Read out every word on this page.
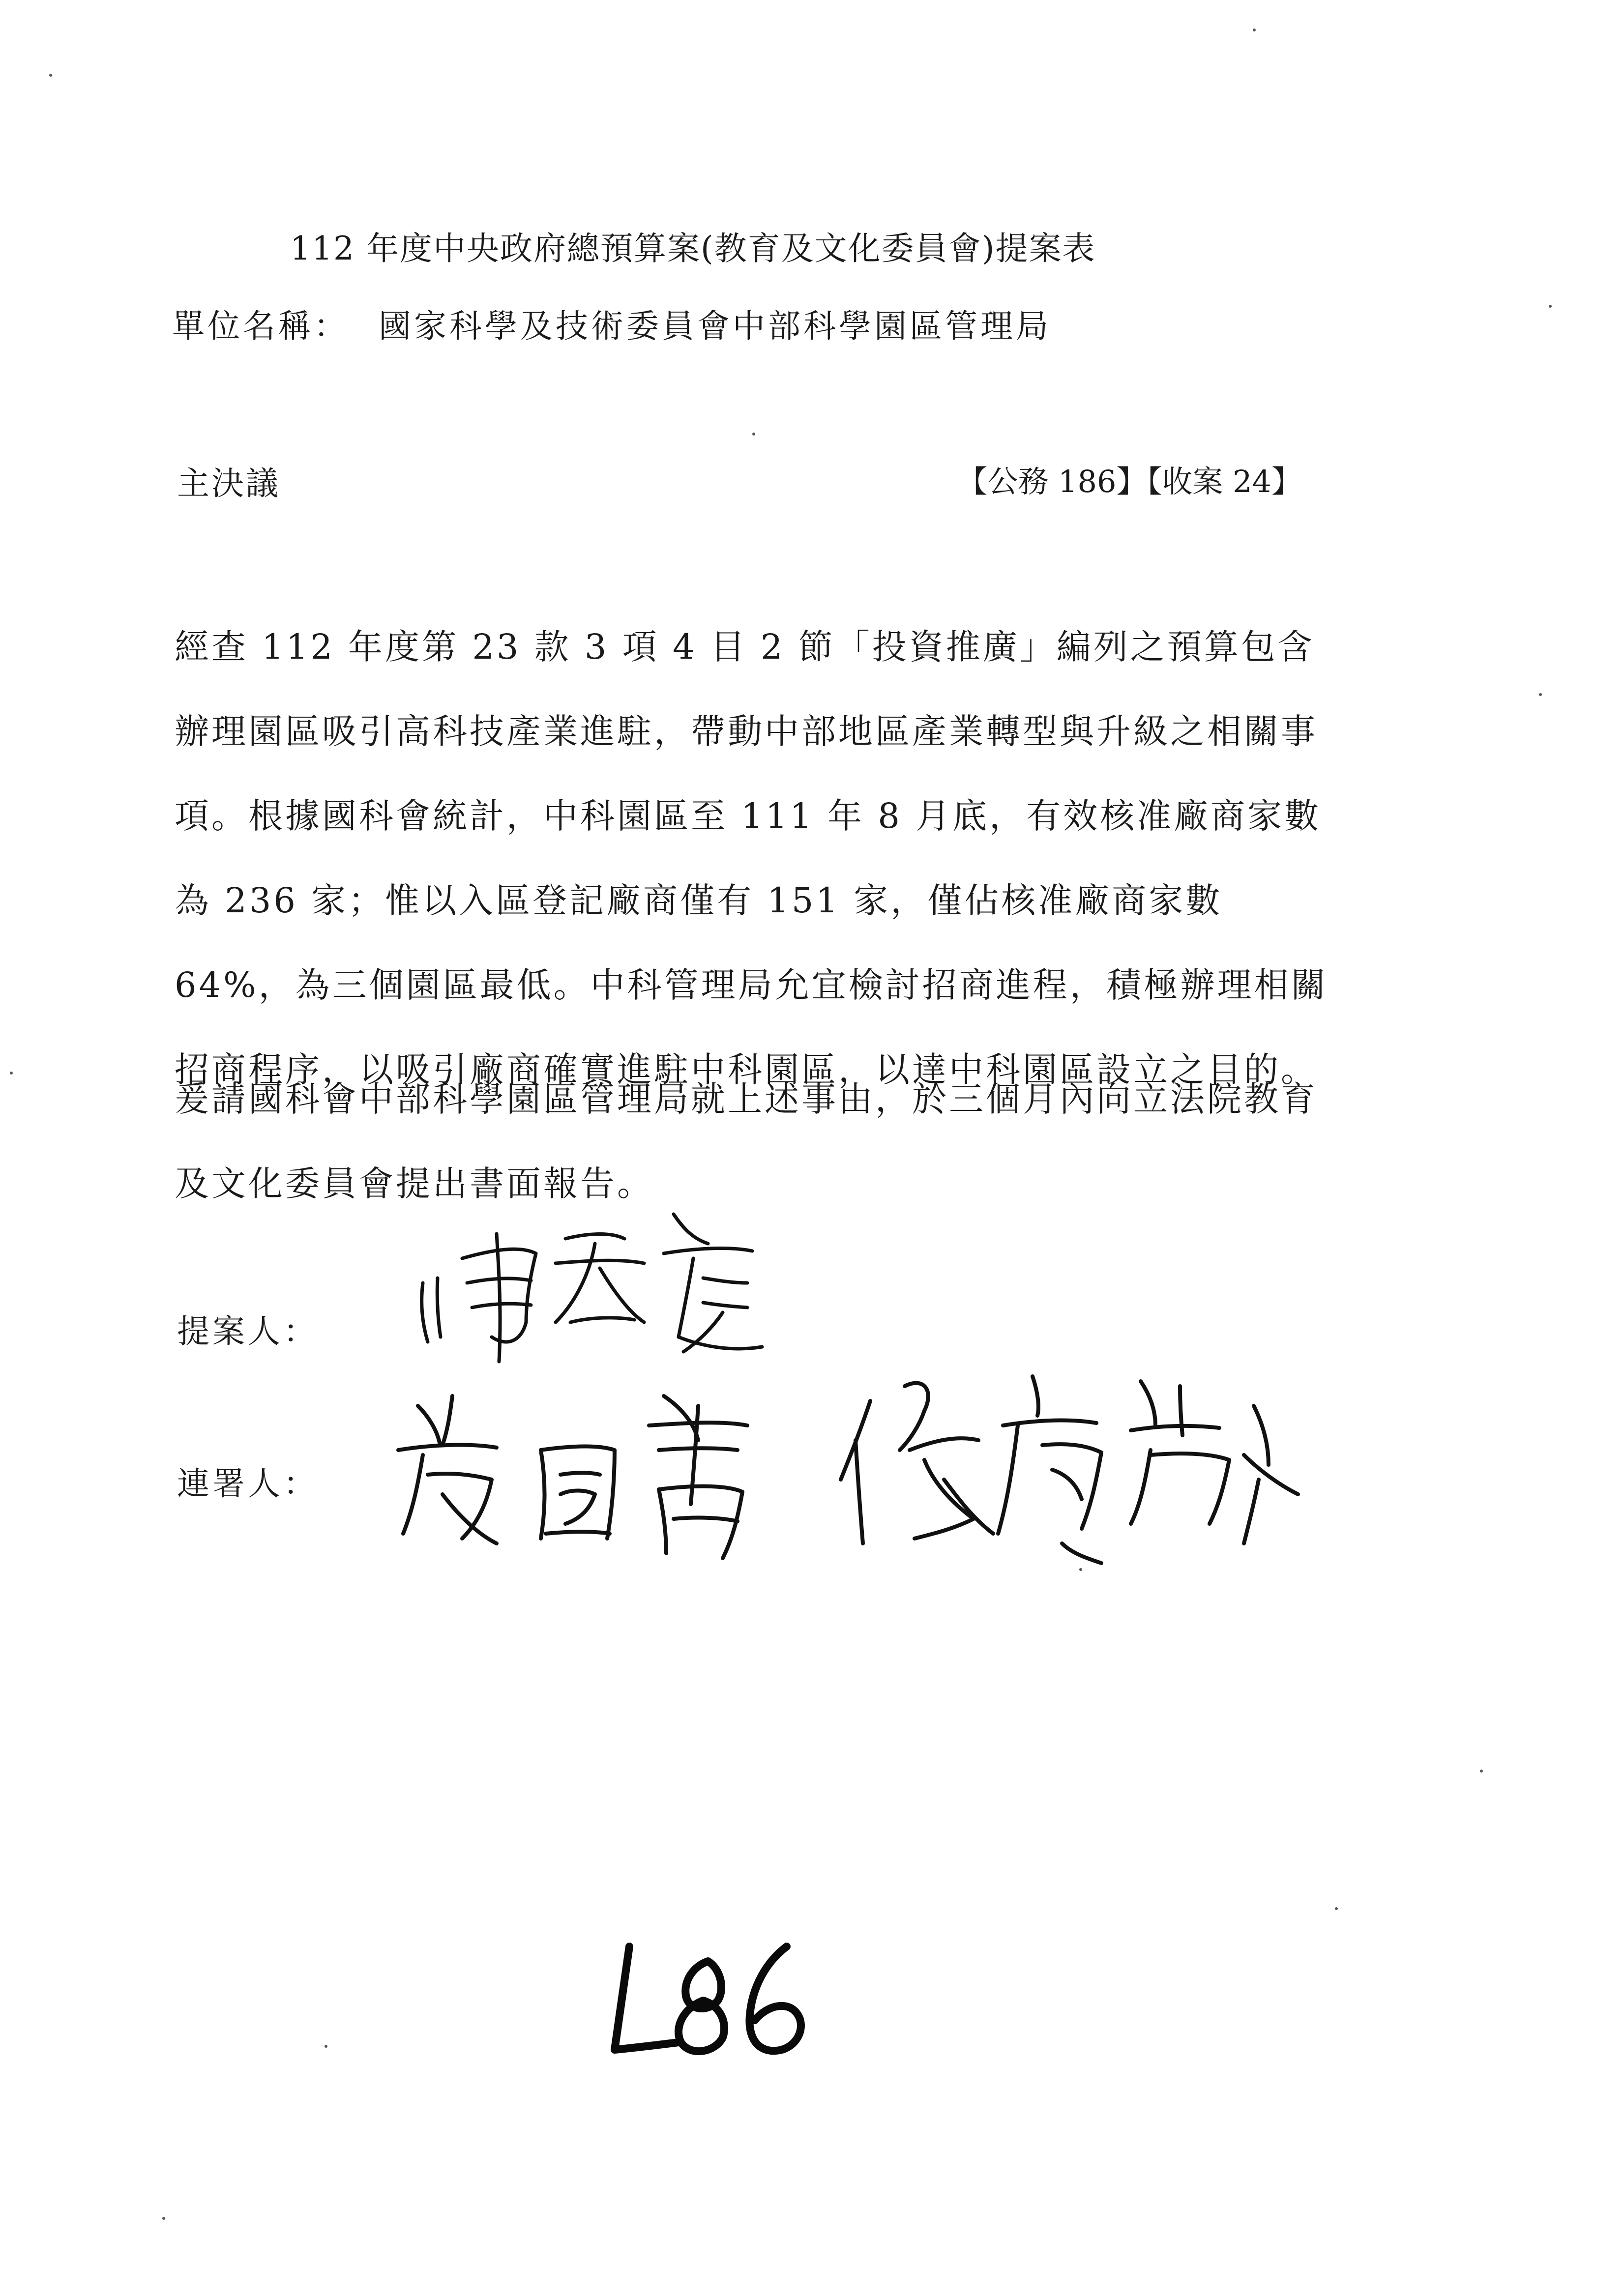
112 年度中央政府總預算案(教育及文化委員會)提案表
單位名稱： 國家科學及技術委員會中部科學園區管理局
主決議	【公務 186】【收案 24】

經查 112 年度第 23 款 3 項 4 目 2 節「投資推廣」編列之預算包含辦理園區吸引高科技產業進駐，帶動中部地區產業轉型與升級之相關事項。根據國科會統計，中科園區至 111 年 8 月底，有效核准廠商家數為 236 家；惟以入區登記廠商僅有 151 家，僅佔核准廠商家數 64%，為三個園區最低。中科管理局允宜檢討招商進程，積極辦理相關招商程序，以吸引廠商確實進駐中科園區，以達中科園區設立之目的。

爰請國科會中部科學園區管理局就上述事由，於三個月內向立法院教育及文化委員會提出書面報告。

提案人：
連署人：
